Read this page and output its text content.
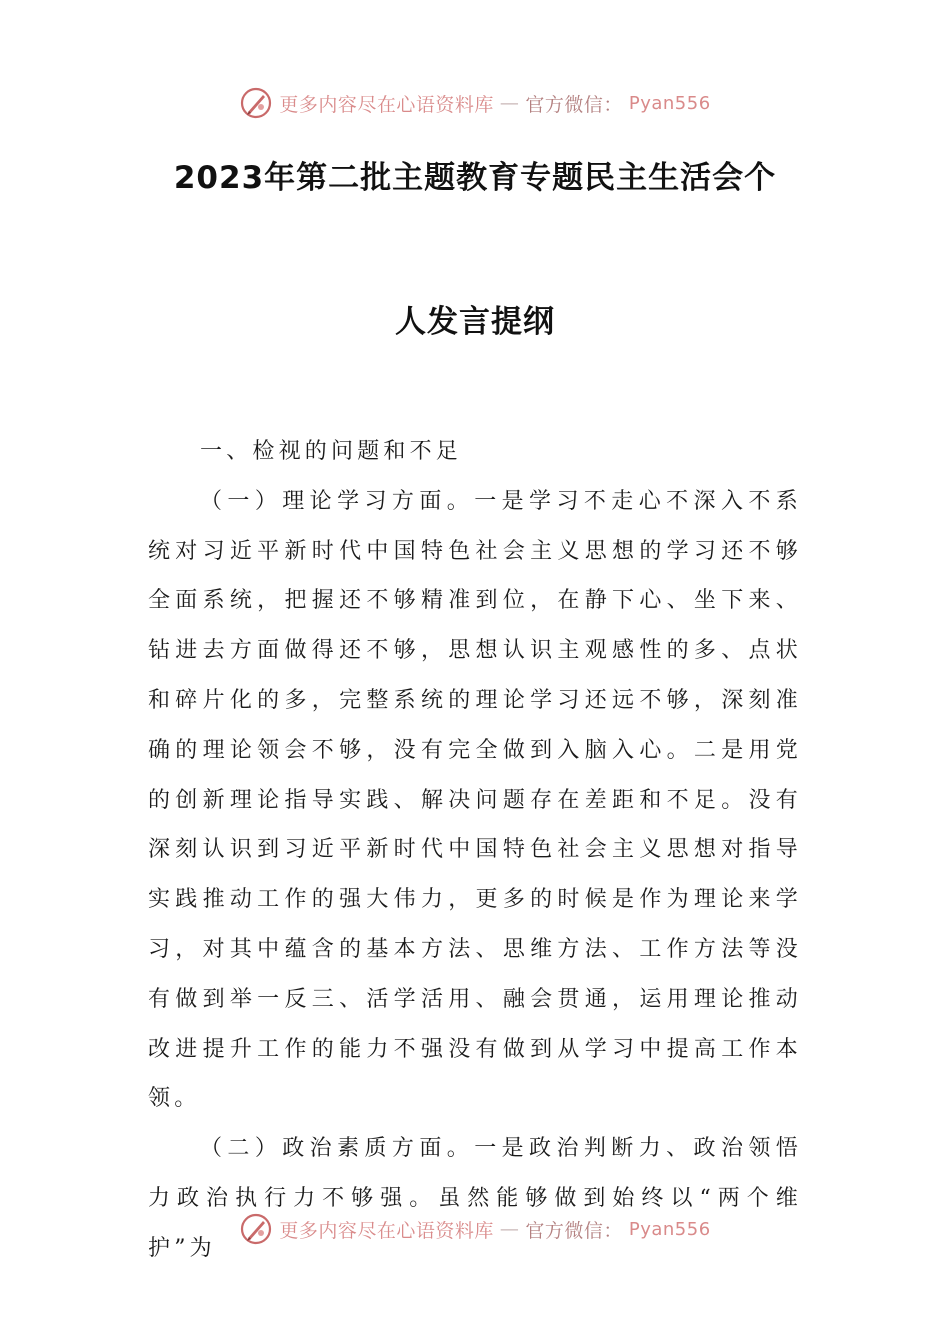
更多内容尽在心语资料库 — 官方微信： Pyan556
2023年第二批主题教育专题民主生活会个
人发言提纲

一、检视的问题和不足

（一）理论学习方面。一是学习不走心不深入不系统对习近平新时代中国特色社会主义思想的学习还不够全面系统，把握还不够精准到位，在静下心、坐下来、钻进去方面做得还不够，思想认识主观感性的多、点状和碎片化的多，完整系统的理论学习还远不够，深刻准确的理论领会不够，没有完全做到入脑入心。二是用党的创新理论指导实践、解决问题存在差距和不足。没有深刻认识到习近平新时代中国特色社会主义思想对指导实践推动工作的强大伟力，更多的时候是作为理论来学习，对其中蕴含的基本方法、思维方法、工作方法等没有做到举一反三、活学活用、融会贯通，运用理论推动改进提升工作的能力不强没有做到从学习中提高工作本领。

（二）政治素质方面。一是政治判断力、政治领悟力政治执行力不够强。虽然能够做到始终以“两个维护”为

更多内容尽在心语资料库 — 官方微信： Pyan556
